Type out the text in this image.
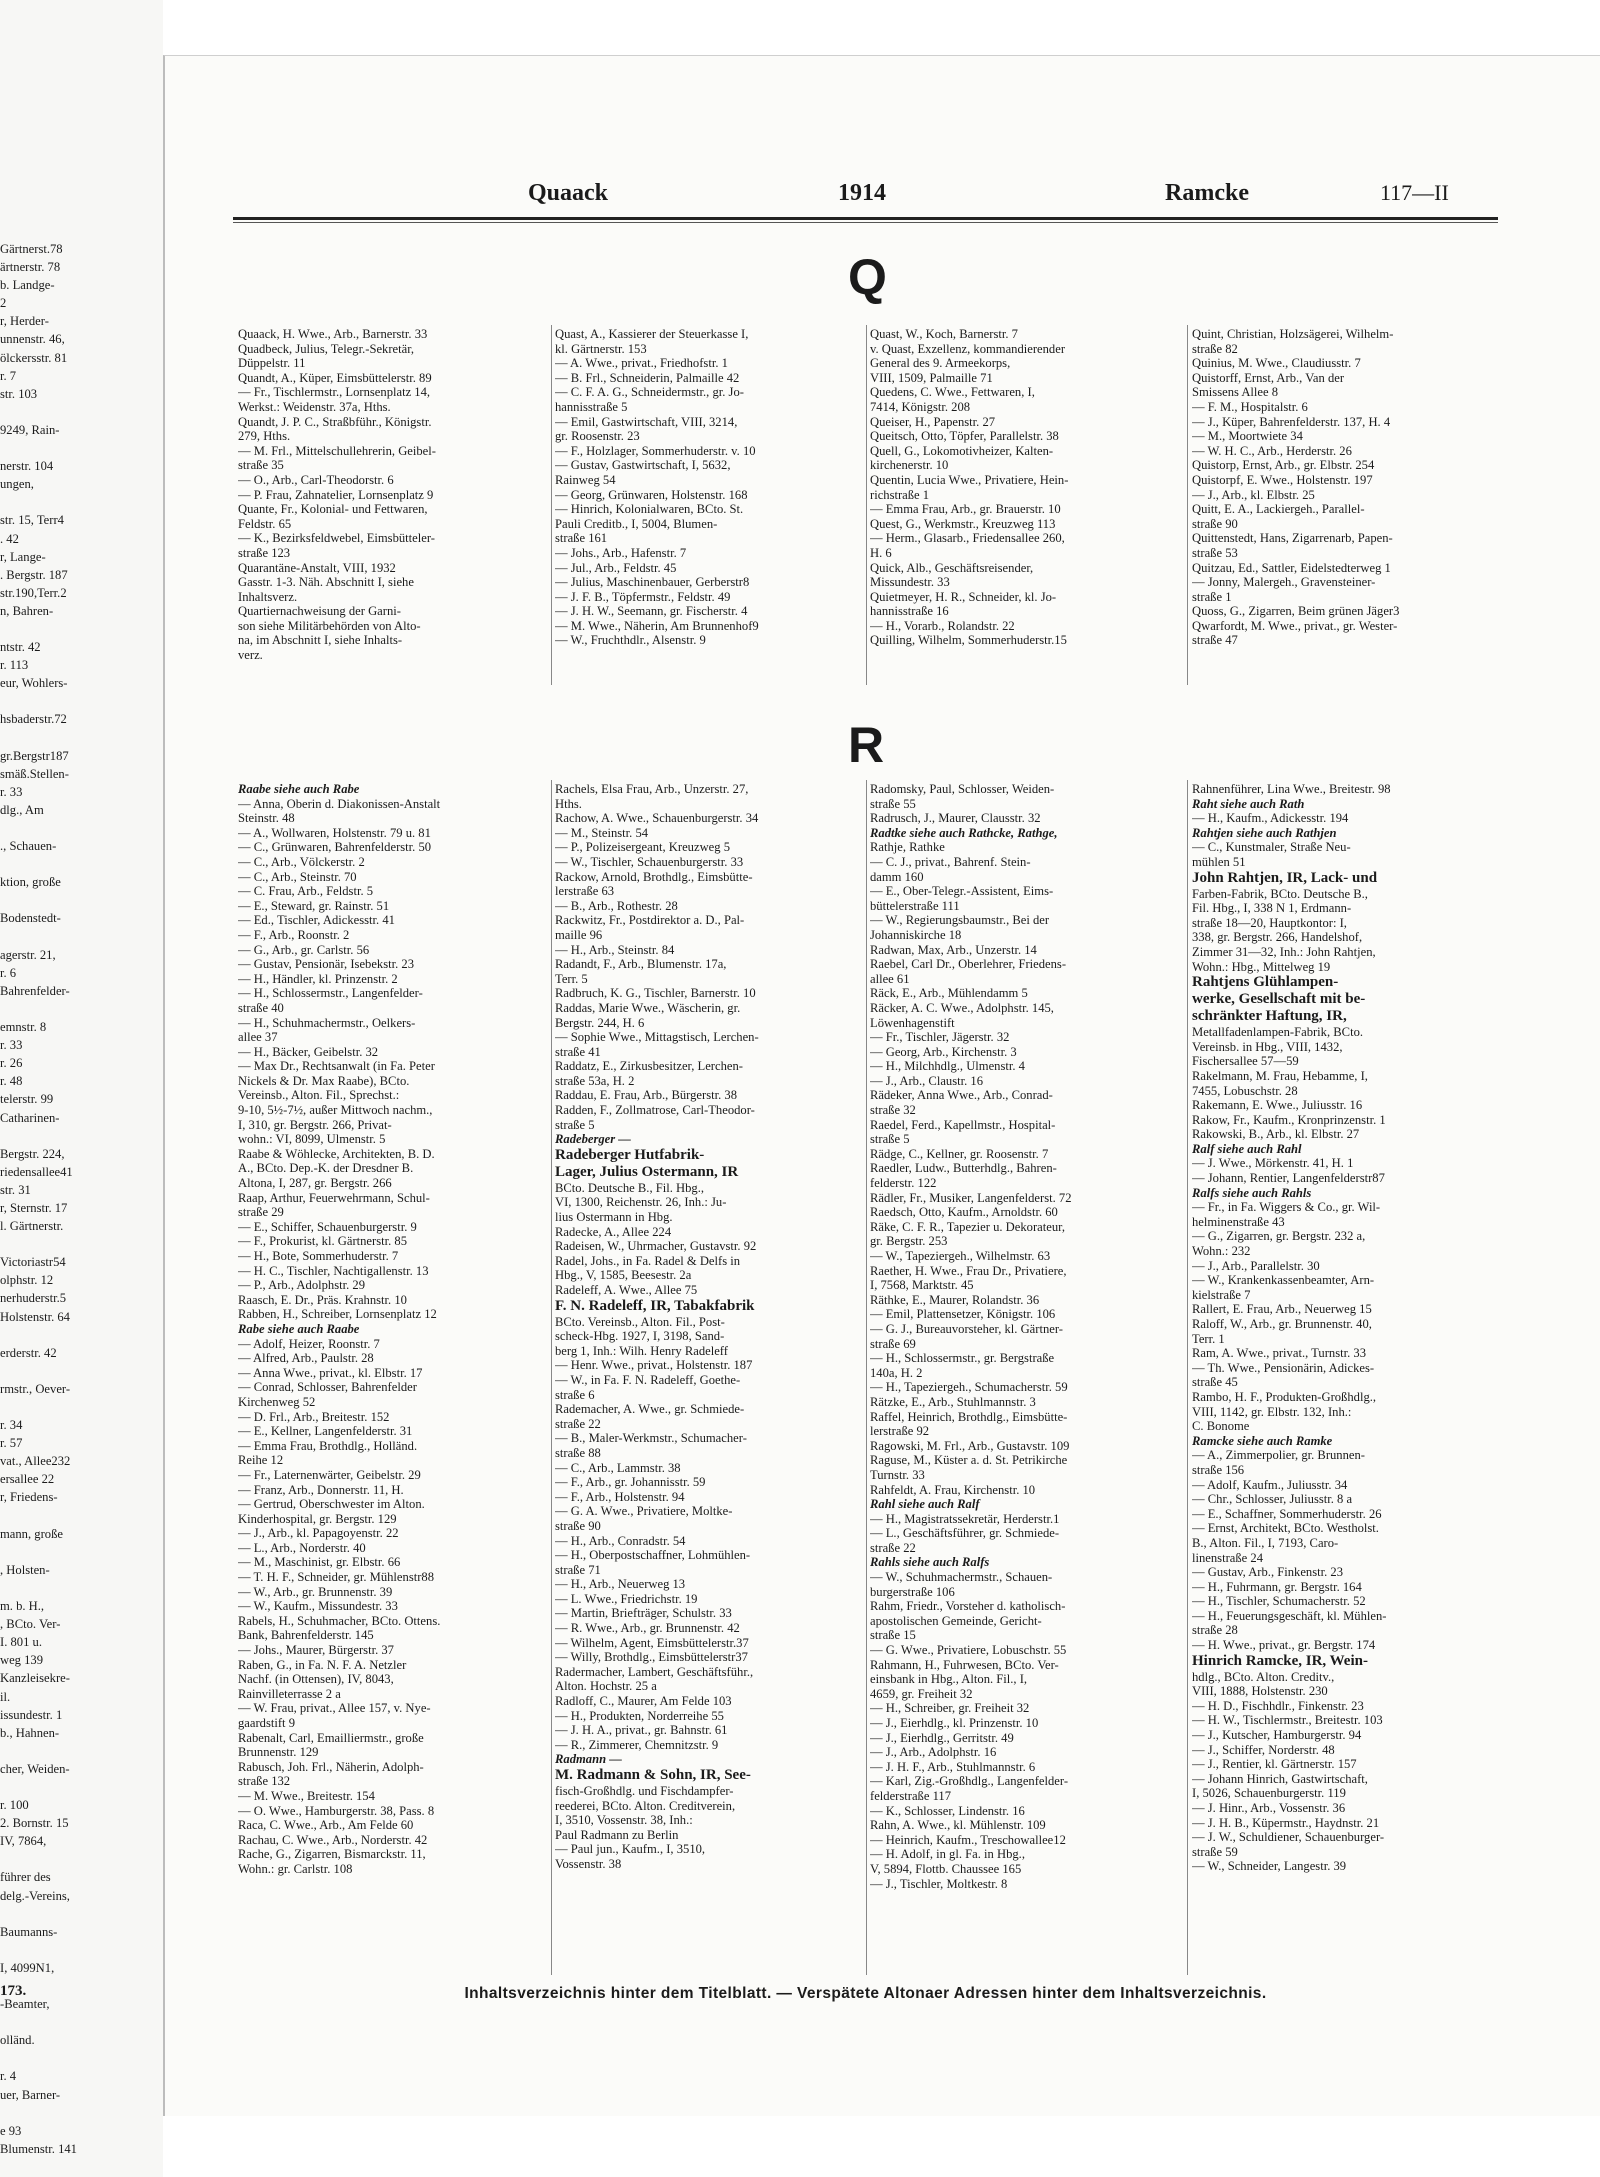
Gärtnerst.78
ärtnerstr. 78
b. Landge-
2
r, Herder-
unnenstr. 46,
ölckersstr. 81
r. 7
str. 103
9249, Rain-
nerstr. 104
ungen,
str. 15, Terr4
. 42
r, Lange-
. Bergstr. 187
str.190,Terr.2
n, Bahren-
ntstr. 42
r. 113
eur, Wohlers-
hsbaderstr.72
gr.Bergstr187
smäß.Stellen-
r. 33
dlg., Am
., Schauen-
ktion, große
Bodenstedt-
agerstr. 21,
r. 6
Bahrenfelder-
emnstr. 8
r. 33
r. 26
r. 48
telerstr. 99
Catharinen-
Bergstr. 224,
riedensallee41
str. 31
r, Sternstr. 17
l. Gärtnerstr.
Victoriastr54
olphstr. 12
nerhuderstr.5
Holstenstr. 64
erderstr. 42
rmstr., Oever-
r. 34
r. 57
vat., Allee232
ersallee 22
r, Friedens-
mann, große
, Holsten-
m. b. H.,
, BCto. Ver-
I. 801 u.
weg 139
Kanzleisekre-
il.
issundestr. 1
b., Hahnen-
cher, Weiden-
r. 100
2. Bornstr. 15
IV, 7864,
führer des
delg.-Vereins,
Baumanns-
I, 4099N1,
-Beamter,
olländ.
r. 4
uer, Barner-
e 93
Blumenstr. 141
173.
Quaack	1914	Ramcke	117—II
Q
R
Quaack, H. Wwe., Arb., Barnerstr. 33
Quadbeck, Julius, Telegr.-Sekretär,
Düppelstr. 11
Quandt, A., Küper, Eimsbüttelerstr. 89
— Fr., Tischlermstr., Lornsenplatz 14,
Werkst.: Weidenstr. 37a, Hths.
Quandt, J. P. C., Straßbführ., Königstr.
279, Hths.
— M. Frl., Mittelschullehrerin, Geibel-
straße 35
— O., Arb., Carl-Theodorstr. 6
— P. Frau, Zahnatelier, Lornsenplatz 9
Quante, Fr., Kolonial- und Fettwaren,
Feldstr. 65
— K., Bezirksfeldwebel, Eimsbütteler-
straße 123
Quarantäne-Anstalt, VIII, 1932
Gasstr. 1-3. Näh. Abschnitt I, siehe
Inhaltsverz.
Quartiernachweisung der Garni-
son siehe Militärbehörden von Alto-
na, im Abschnitt I, siehe Inhalts-
verz.
Quast, A., Kassierer der Steuerkasse I,
kl. Gärtnerstr. 153
— A. Wwe., privat., Friedhofstr. 1
— B. Frl., Schneiderin, Palmaille 42
— C. F. A. G., Schneidermstr., gr. Jo-
hannisstraße 5
— Emil, Gastwirtschaft, VIII, 3214,
gr. Roosenstr. 23
— F., Holzlager, Sommerhuderstr. v. 10
— Gustav, Gastwirtschaft, I, 5632,
Rainweg 54
— Georg, Grünwaren, Holstenstr. 168
— Hinrich, Kolonialwaren, BCto. St.
Pauli Creditb., I, 5004, Blumen-
straße 161
— Johs., Arb., Hafenstr. 7
— Jul., Arb., Feldstr. 45
— Julius, Maschinenbauer, Gerberstr8
— J. F. B., Töpfermstr., Feldstr. 49
— J. H. W., Seemann, gr. Fischerstr. 4
— M. Wwe., Näherin, Am Brunnenhof9
— W., Fruchthdlr., Alsenstr. 9
Quast, W., Koch, Barnerstr. 7
v. Quast, Exzellenz, kommandierender
General des 9. Armeekorps,
VIII, 1509, Palmaille 71
Quedens, C. Wwe., Fettwaren, I,
7414, Königstr. 208
Queiser, H., Papenstr. 27
Queitsch, Otto, Töpfer, Parallelstr. 38
Quell, G., Lokomotivheizer, Kalten-
kirchenerstr. 10
Quentin, Lucia Wwe., Privatiere, Hein-
richstraße 1
— Emma Frau, Arb., gr. Brauerstr. 10
Quest, G., Werkmstr., Kreuzweg 113
— Herm., Glasarb., Friedensallee 260,
H. 6
Quick, Alb., Geschäftsreisender,
Missundestr. 33
Quietmeyer, H. R., Schneider, kl. Jo-
hannisstraße 16
— H., Vorarb., Rolandstr. 22
Quilling, Wilhelm, Sommerhuderstr.15
Quint, Christian, Holzsägerei, Wilhelm-
straße 82
Quinius, M. Wwe., Claudiusstr. 7
Quistorff, Ernst, Arb., Van der
Smissens Allee 8
— F. M., Hospitalstr. 6
— J., Küper, Bahrenfelderstr. 137, H. 4
— M., Moortwiete 34
— W. H. C., Arb., Herderstr. 26
Quistorp, Ernst, Arb., gr. Elbstr. 254
Quistorpf, E. Wwe., Holstenstr. 197
— J., Arb., kl. Elbstr. 25
Quitt, E. A., Lackiergeh., Parallel-
straße 90
Quittenstedt, Hans, Zigarrenarb, Papen-
straße 53
Quitzau, Ed., Sattler, Eidelstedterweg 1
— Jonny, Malergeh., Gravensteiner-
straße 1
Quoss, G., Zigarren, Beim grünen Jäger3
Qwarfordt, M. Wwe., privat., gr. Wester-
straße 47
Raabe siehe auch Rabe
— Anna, Oberin d. Diakonissen-Anstalt
Steinstr. 48
— A., Wollwaren, Holstenstr. 79 u. 81
— C., Grünwaren, Bahrenfelderstr. 50
— C., Arb., Völckerstr. 2
— C., Arb., Steinstr. 70
— C. Frau, Arb., Feldstr. 5
— E., Steward, gr. Rainstr. 51
— Ed., Tischler, Adickesstr. 41
— F., Arb., Roonstr. 2
— G., Arb., gr. Carlstr. 56
— Gustav, Pensionär, Isebekstr. 23
— H., Händler, kl. Prinzenstr. 2
— H., Schlossermstr., Langenfelder-
straße 40
— H., Schuhmachermstr., Oelkers-
allee 37
— H., Bäcker, Geibelstr. 32
— Max Dr., Rechtsanwalt (in Fa. Peter
Nickels & Dr. Max Raabe), BCto.
Vereinsb., Alton. Fil., Sprechst.:
9-10, 5½-7½, außer Mittwoch nachm.,
I, 310, gr. Bergstr. 266, Privat-
wohn.: VI, 8099, Ulmenstr. 5
Raabe & Wöhlecke, Architekten, B. D.
A., BCto. Dep.-K. der Dresdner B.
Altona, I, 287, gr. Bergstr. 266
Raap, Arthur, Feuerwehrmann, Schul-
straße 29
— E., Schiffer, Schauenburgerstr. 9
— F., Prokurist, kl. Gärtnerstr. 85
— H., Bote, Sommerhuderstr. 7
— H. C., Tischler, Nachtigallenstr. 13
— P., Arb., Adolphstr. 29
Raasch, E. Dr., Präs. Krahnstr. 10
Rabben, H., Schreiber, Lornsenplatz 12
Rabe siehe auch Raabe
— Adolf, Heizer, Roonstr. 7
— Alfred, Arb., Paulstr. 28
— Anna Wwe., privat., kl. Elbstr. 17
— Conrad, Schlosser, Bahrenfelder
Kirchenweg 52
— D. Frl., Arb., Breitestr. 152
— E., Kellner, Langenfelderstr. 31
— Emma Frau, Brothdlg., Holländ.
Reihe 12
— Fr., Laternenwärter, Geibelstr. 29
— Franz, Arb., Donnerstr. 11, H.
— Gertrud, Oberschwester im Alton.
Kinderhospital, gr. Bergstr. 129
— J., Arb., kl. Papagoyenstr. 22
— L., Arb., Norderstr. 40
— M., Maschinist, gr. Elbstr. 66
— T. H. F., Schneider, gr. Mühlenstr88
— W., Arb., gr. Brunnenstr. 39
— W., Kaufm., Missundestr. 33
Rabels, H., Schuhmacher, BCto. Ottens.
Bank, Bahrenfelderstr. 145
— Johs., Maurer, Bürgerstr. 37
Raben, G., in Fa. N. F. A. Netzler
Nachf. (in Ottensen), IV, 8043,
Rainvilleterrasse 2 a
— W. Frau, privat., Allee 157, v. Nye-
gaardstift 9
Rabenalt, Carl, Emailliermstr., große
Brunnenstr. 129
Rabusch, Joh. Frl., Näherin, Adolph-
straße 132
— M. Wwe., Breitestr. 154
— O. Wwe., Hamburgerstr. 38, Pass. 8
Raca, C. Wwe., Arb., Am Felde 60
Rachau, C. Wwe., Arb., Norderstr. 42
Rache, G., Zigarren, Bismarckstr. 11,
Wohn.: gr. Carlstr. 108
Rachels, Elsa Frau, Arb., Unzerstr. 27,
Hths.
Rachow, A. Wwe., Schauenburgerstr. 34
— M., Steinstr. 54
— P., Polizeisergeant, Kreuzweg 5
— W., Tischler, Schauenburgerstr. 33
Rackow, Arnold, Brothdlg., Eimsbütte-
lerstraße 63
— B., Arb., Rothestr. 28
Rackwitz, Fr., Postdirektor a. D., Pal-
maille 96
— H., Arb., Steinstr. 84
Radandt, F., Arb., Blumenstr. 17a,
Terr. 5
Radbruch, K. G., Tischler, Barnerstr. 10
Raddas, Marie Wwe., Wäscherin, gr.
Bergstr. 244, H. 6
— Sophie Wwe., Mittagstisch, Lerchen-
straße 41
Raddatz, E., Zirkusbesitzer, Lerchen-
straße 53a, H. 2
Raddau, E. Frau, Arb., Bürgerstr. 38
Radden, F., Zollmatrose, Carl-Theodor-
straße 5
Radeberger —
Radeberger Hutfabrik-
Lager, Julius Ostermann, IR
BCto. Deutsche B., Fil. Hbg.,
VI, 1300, Reichenstr. 26, Inh.: Ju-
lius Ostermann in Hbg.
Radecke, A., Allee 224
Radeisen, W., Uhrmacher, Gustavstr. 92
Radel, Johs., in Fa. Radel & Delfs in
Hbg., V, 1585, Beesestr. 2a
Radeleff, A. Wwe., Allee 75
F. N. Radeleff, IR, Tabakfabrik
BCto. Vereinsb., Alton. Fil., Post-
scheck-Hbg. 1927, I, 3198, Sand-
berg 1, Inh.: Wilh. Henry Radeleff
— Henr. Wwe., privat., Holstenstr. 187
— W., in Fa. F. N. Radeleff, Goethe-
straße 6
Rademacher, A. Wwe., gr. Schmiede-
straße 22
— B., Maler-Werkmstr., Schumacher-
straße 88
— C., Arb., Lammstr. 38
— F., Arb., gr. Johannisstr. 59
— F., Arb., Holstenstr. 94
— G. A. Wwe., Privatiere, Moltke-
straße 90
— H., Arb., Conradstr. 54
— H., Oberpostschaffner, Lohmühlen-
straße 71
— H., Arb., Neuerweg 13
— L. Wwe., Friedrichstr. 19
— Martin, Briefträger, Schulstr. 33
— R. Wwe., Arb., gr. Brunnenstr. 42
— Wilhelm, Agent, Eimsbüttelerstr.37
— Willy, Brothdlg., Eimsbüttelerstr37
Radermacher, Lambert, Geschäftsführ.,
Alton. Hochstr. 25 a
Radloff, C., Maurer, Am Felde 103
— H., Produkten, Norderreihe 55
— J. H. A., privat., gr. Bahnstr. 61
— R., Zimmerer, Chemnitzstr. 9
Radmann —
M. Radmann & Sohn, IR, See-
fisch-Großhdlg. und Fischdampfer-
reederei, BCto. Alton. Creditverein,
I, 3510, Vossenstr. 38, Inh.:
Paul Radmann zu Berlin
— Paul jun., Kaufm., I, 3510,
Vossenstr. 38
Radomsky, Paul, Schlosser, Weiden-
straße 55
Radrusch, J., Maurer, Clausstr. 32
Radtke siehe auch Rathcke, Rathge,
Rathje, Rathke
— C. J., privat., Bahrenf. Stein-
damm 160
— E., Ober-Telegr.-Assistent, Eims-
büttelerstraße 111
— W., Regierungsbaumstr., Bei der
Johanniskirche 18
Radwan, Max, Arb., Unzerstr. 14
Raebel, Carl Dr., Oberlehrer, Friedens-
allee 61
Räck, E., Arb., Mühlendamm 5
Räcker, A. C. Wwe., Adolphstr. 145,
Löwenhagenstift
— Fr., Tischler, Jägerstr. 32
— Georg, Arb., Kirchenstr. 3
— H., Milchhdlg., Ulmenstr. 4
— J., Arb., Claustr. 16
Rädeker, Anna Wwe., Arb., Conrad-
straße 32
Raedel, Ferd., Kapellmstr., Hospital-
straße 5
Rädge, C., Kellner, gr. Roosenstr. 7
Raedler, Ludw., Butterhdlg., Bahren-
felderstr. 122
Rädler, Fr., Musiker, Langenfelderst. 72
Raedsch, Otto, Kaufm., Arnoldstr. 60
Räke, C. F. R., Tapezier u. Dekorateur,
gr. Bergstr. 253
— W., Tapeziergeh., Wilhelmstr. 63
Raether, H. Wwe., Frau Dr., Privatiere,
I, 7568, Marktstr. 45
Räthke, E., Maurer, Rolandstr. 36
— Emil, Plattensetzer, Königstr. 106
— G. J., Bureauvorsteher, kl. Gärtner-
straße 69
— H., Schlossermstr., gr. Bergstraße
140a, H. 2
— H., Tapeziergeh., Schumacherstr. 59
Rätzke, E., Arb., Stuhlmannstr. 3
Raffel, Heinrich, Brothdlg., Eimsbütte-
lerstraße 92
Ragowski, M. Frl., Arb., Gustavstr. 109
Raguse, M., Küster a. d. St. Petrikirche
Turnstr. 33
Rahfeldt, A. Frau, Kirchenstr. 10
Rahl siehe auch Ralf
— H., Magistratssekretär, Herderstr.1
— L., Geschäftsführer, gr. Schmiede-
straße 22
Rahls siehe auch Ralfs
— W., Schuhmachermstr., Schauen-
burgerstraße 106
Rahm, Friedr., Vorsteher d. katholisch-
apostolischen Gemeinde, Gericht-
straße 15
— G. Wwe., Privatiere, Lobuschstr. 55
Rahmann, H., Fuhrwesen, BCto. Ver-
einsbank in Hbg., Alton. Fil., I,
4659, gr. Freiheit 32
— H., Schreiber, gr. Freiheit 32
— J., Eierhdlg., kl. Prinzenstr. 10
— J., Eierhdlg., Gerritstr. 49
— J., Arb., Adolphstr. 16
— J. H. F., Arb., Stuhlmannstr. 6
— Karl, Zig.-Großhdlg., Langenfelder-
felderstraße 117
— K., Schlosser, Lindenstr. 16
Rahn, A. Wwe., kl. Mühlenstr. 109
— Heinrich, Kaufm., Treschowallee12
— H. Adolf, in gl. Fa. in Hbg.,
V, 5894, Flottb. Chaussee 165
— J., Tischler, Moltkestr. 8
Rahnenführer, Lina Wwe., Breitestr. 98
Raht siehe auch Rath
— H., Kaufm., Adickesstr. 194
Rahtjen siehe auch Rathjen
— C., Kunstmaler, Straße Neu-
mühlen 51
John Rahtjen, IR, Lack- und
Farben-Fabrik, BCto. Deutsche B.,
Fil. Hbg., I, 338 N 1, Erdmann-
straße 18—20, Hauptkontor: I,
338, gr. Bergstr. 266, Handelshof,
Zimmer 31—32, Inh.: John Rahtjen,
Wohn.: Hbg., Mittelweg 19
Rahtjens Glühlampen-
werke, Gesellschaft mit be-
schränkter Haftung, IR,
Metallfadenlampen-Fabrik, BCto.
Vereinsb. in Hbg., VIII, 1432,
Fischersallee 57—59
Rakelmann, M. Frau, Hebamme, I,
7455, Lobuschstr. 28
Rakemann, E. Wwe., Juliusstr. 16
Rakow, Fr., Kaufm., Kronprinzenstr. 1
Rakowski, B., Arb., kl. Elbstr. 27
Ralf siehe auch Rahl
— J. Wwe., Mörkenstr. 41, H. 1
— Johann, Rentier, Langenfelderstr87
Ralfs siehe auch Rahls
— Fr., in Fa. Wiggers & Co., gr. Wil-
helminenstraße 43
— G., Zigarren, gr. Bergstr. 232 a,
Wohn.: 232
— J., Arb., Parallelstr. 30
— W., Krankenkassenbeamter, Arn-
kielstraße 7
Rallert, E. Frau, Arb., Neuerweg 15
Raloff, W., Arb., gr. Brunnenstr. 40,
Terr. 1
Ram, A. Wwe., privat., Turnstr. 33
— Th. Wwe., Pensionärin, Adickes-
straße 45
Rambo, H. F., Produkten-Großhdlg.,
VIII, 1142, gr. Elbstr. 132, Inh.:
C. Bonome
Ramcke siehe auch Ramke
— A., Zimmerpolier, gr. Brunnen-
straße 156
— Adolf, Kaufm., Juliusstr. 34
— Chr., Schlosser, Juliusstr. 8 a
— E., Schaffner, Sommerhuderstr. 26
— Ernst, Architekt, BCto. Westholst.
B., Alton. Fil., I, 7193, Caro-
linenstraße 24
— Gustav, Arb., Finkenstr. 23
— H., Fuhrmann, gr. Bergstr. 164
— H., Tischler, Schumacherstr. 52
— H., Feuerungsgeschäft, kl. Mühlen-
straße 28
— H. Wwe., privat., gr. Bergstr. 174
Hinrich Ramcke, IR, Wein-
hdlg., BCto. Alton. Creditv.,
VIII, 1888, Holstenstr. 230
— H. D., Fischhdlr., Finkenstr. 23
— H. W., Tischlermstr., Breitestr. 103
— J., Kutscher, Hamburgerstr. 94
— J., Schiffer, Norderstr. 48
— J., Rentier, kl. Gärtnerstr. 157
— Johann Hinrich, Gastwirtschaft,
I, 5026, Schauenburgerstr. 119
— J. Hinr., Arb., Vossenstr. 36
— J. H. B., Küpermstr., Haydnstr. 21
— J. W., Schuldiener, Schauenburger-
straße 59
— W., Schneider, Langestr. 39
Inhaltsverzeichnis hinter dem Titelblatt. — Verspätete Altonaer Adressen hinter dem Inhaltsverzeichnis.
